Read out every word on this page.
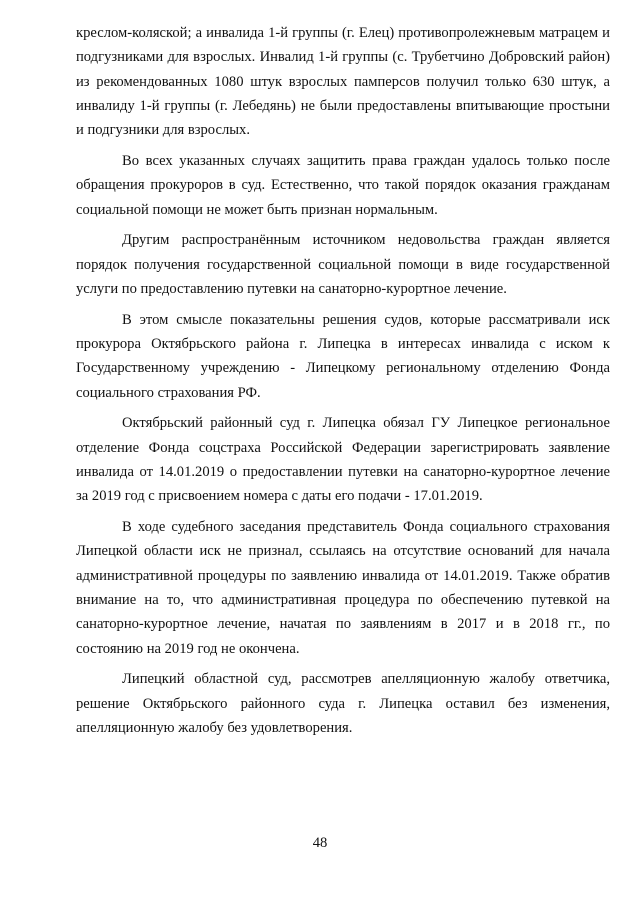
креслом-коляской; а инвалида 1-й группы (г. Елец) противопролежневым матрацем и подгузниками для взрослых. Инвалид 1-й группы (с. Трубетчино Добровский район) из рекомендованных 1080 штук взрослых памперсов получил только 630 штук, а инвалиду 1-й группы (г. Лебедянь) не были предоставлены впитывающие простыни и подгузники для взрослых.

Во всех указанных случаях защитить права граждан удалось только после обращения прокуроров в суд. Естественно, что такой порядок оказания гражданам социальной помощи не может быть признан нормальным.

Другим распространённым источником недовольства граждан является порядок получения государственной социальной помощи в виде государственной услуги по предоставлению путевки на санаторно-курортное лечение.

В этом смысле показательны решения судов, которые рассматривали иск прокурора Октябрьского района г. Липецка в интересах инвалида с иском к Государственному учреждению - Липецкому региональному отделению Фонда социального страхования РФ.

Октябрьский районный суд г. Липецка обязал ГУ Липецкое региональное отделение Фонда соцстраха Российской Федерации зарегистрировать заявление инвалида от 14.01.2019 о предоставлении путевки на санаторно-курортное лечение за 2019 год с присвоением номера с даты его подачи - 17.01.2019.

В ходе судебного заседания представитель Фонда социального страхования Липецкой области иск не признал, ссылаясь на отсутствие оснований для начала административной процедуры по заявлению инвалида от 14.01.2019. Также обратив внимание на то, что административная процедура по обеспечению путевкой на санаторно-курортное лечение, начатая по заявлениям в 2017 и в 2018 гг., по состоянию на 2019 год не окончена.

Липецкий областной суд, рассмотрев апелляционную жалобу ответчика, решение Октябрьского районного суда г. Липецка оставил без изменения, апелляционную жалобу без удовлетворения.

48
